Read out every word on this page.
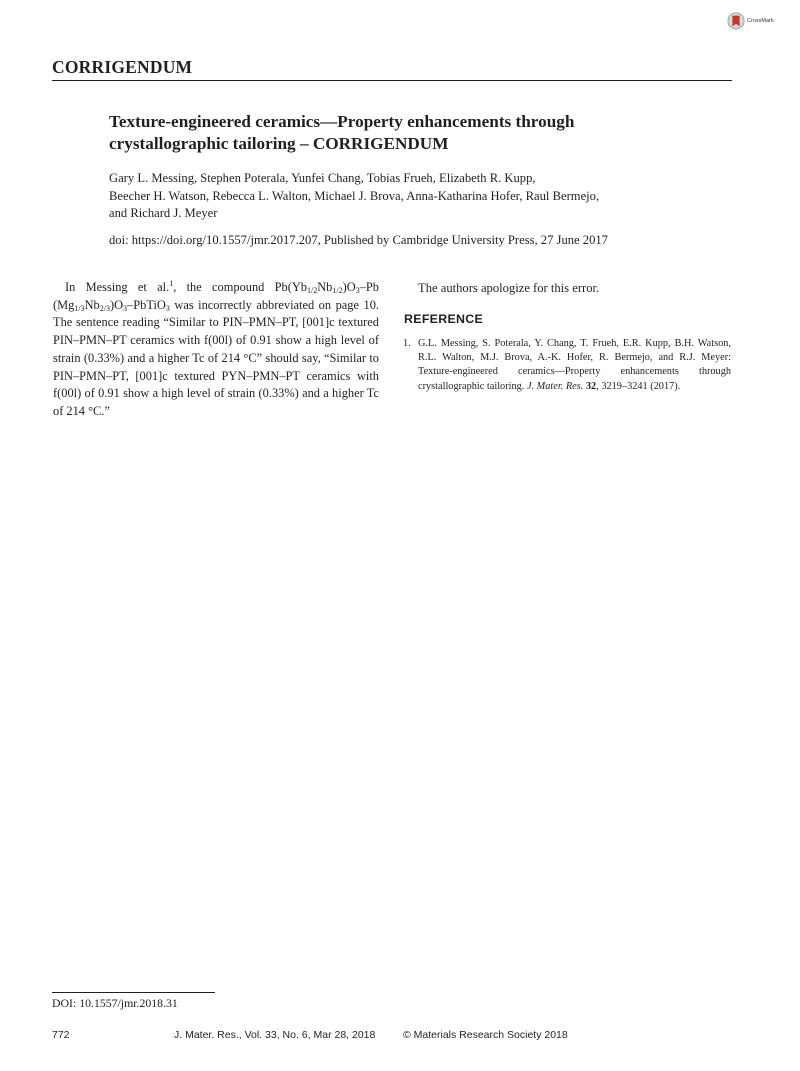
CrossMark
CORRIGENDUM
Texture-engineered ceramics—Property enhancements through
crystallographic tailoring – CORRIGENDUM
Gary L. Messing, Stephen Poterala, Yunfei Chang, Tobias Frueh, Elizabeth R. Kupp,
Beecher H. Watson, Rebecca L. Walton, Michael J. Brova, Anna-Katharina Hofer, Raul Bermejo,
and Richard J. Meyer
doi: https://doi.org/10.1557/jmr.2017.207, Published by Cambridge University Press, 27 June 2017
In Messing et al.$^1$, the compound $Pb(Yb_{1/2}Nb_{1/2})O_3-Pb$ $(Mg_{1/3}Nb_{2/3})O_3-PbTiO_3$ was incorrectly abbreviated on page 10. The sentence reading “Similar to PIN–PMN–PT, [001]c textured PIN–PMN–PT ceramics with f(00l) of 0.91 show a high level of strain (0.33%) and a higher Tc of 214 °C” should say, “Similar to PIN–PMN–PT, [001]c textured PYN–PMN–PT ceramics with f(00l) of 0.91 show a high level of strain (0.33%) and a higher Tc of 214 °C.”
The authors apologize for this error.
REFERENCE
1. G.L. Messing, S. Poterala, Y. Chang, T. Frueh, E.R. Kupp, B.H. Watson, R.L. Walton, M.J. Brova, A.-K. Hofer, R. Bermejo, and R.J. Meyer: Texture-engineered ceramics—Property enhancements through crystallographic tailoring. J. Mater. Res. 32, 3219–3241 (2017).
DOI: 10.1557/jmr.2018.31
772	J. Mater. Res., Vol. 33, No. 6, Mar 28, 2018	© Materials Research Society 2018
